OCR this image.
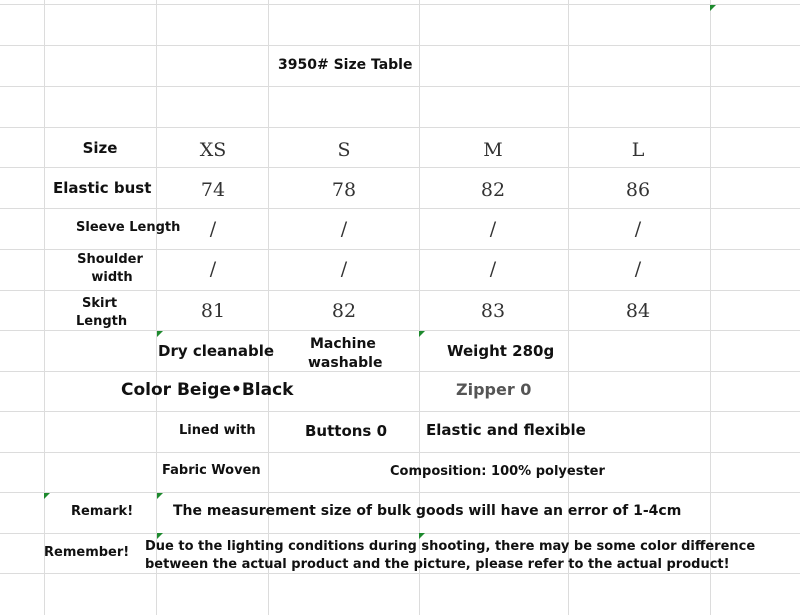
3950# Size Table
Size	XS	S	M	L
Elastic bust	74	78	82	86
Sleeve Length /	/	/	/
Shoulder
width	/	/	/	/
Skirt
Length	81	82	83	84
Dry cleanable	Machine
washable
Weight 280g
Color Beige•Black	Zipper 0
Lined with	Buttons 0	Elastic and flexible
Fabric Woven	Composition: 100% polyester
Remark!	The measurement size of bulk goods will have an error of 1-4cm
Remember! Due to the lighting conditions during shooting, there may be some color difference
between the actual product and the picture, please refer to the actual product!
